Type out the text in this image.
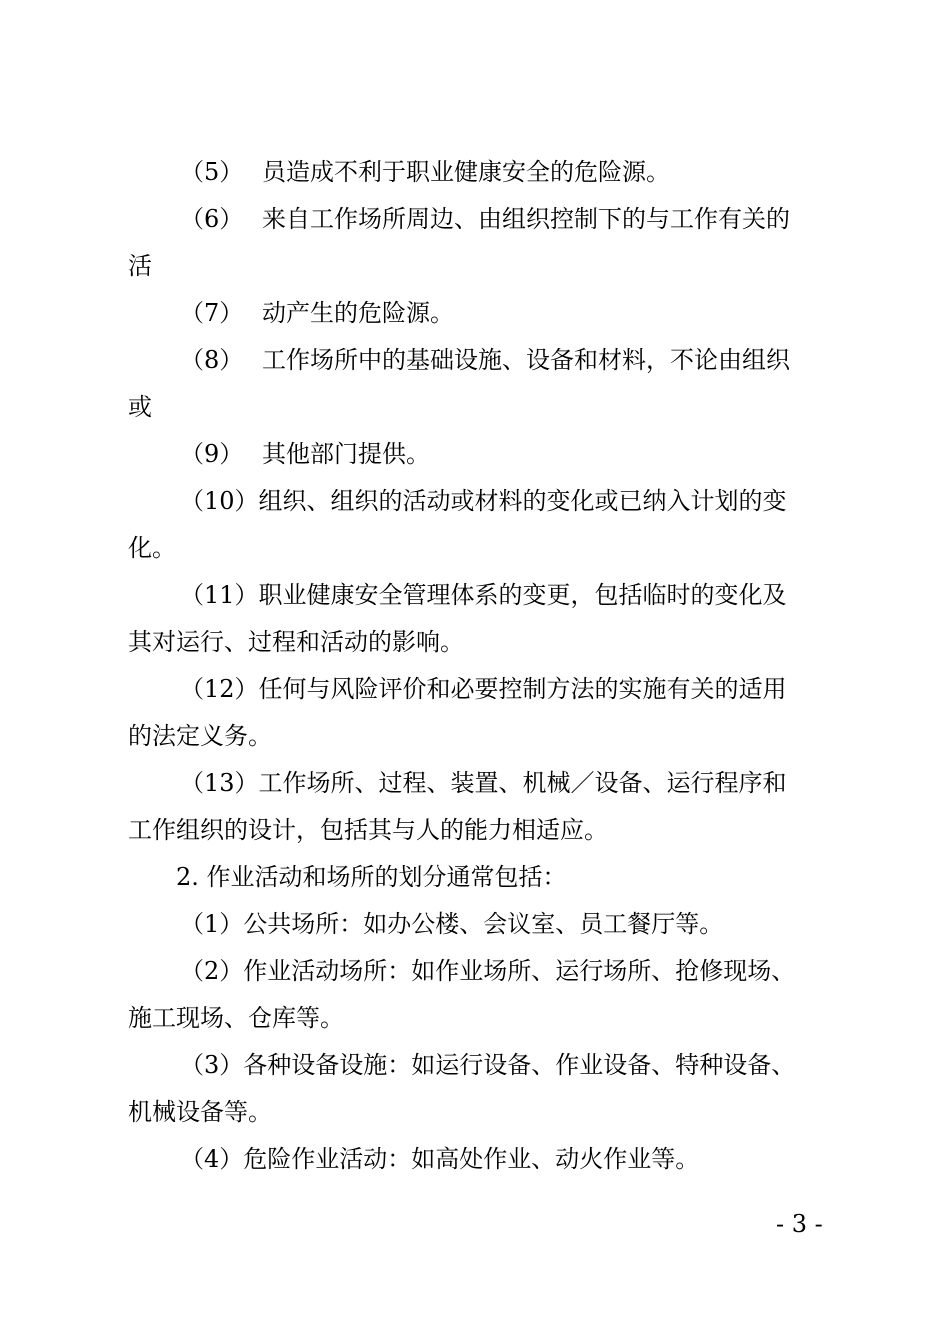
（5） 员造成不利于职业健康安全的危险源。
（6） 来自工作场所周边、由组织控制下的与工作有关的
活
（7） 动产生的危险源。
（8） 工作场所中的基础设施、设备和材料，不论由组织
或
（9） 其他部门提供。
（10）组织、组织的活动或材料的变化或已纳入计划的变
化。
（11）职业健康安全管理体系的变更，包括临时的变化及
其对运行、过程和活动的影响。
（12）任何与风险评价和必要控制方法的实施有关的适用
的法定义务。
（13）工作场所、过程、装置、机械／设备、运行程序和
工作组织的设计，包括其与人的能力相适应。
2. 作业活动和场所的划分通常包括：
（1）公共场所：如办公楼、会议室、员工餐厅等。
（2）作业活动场所：如作业场所、运行场所、抢修现场、
施工现场、仓库等。
（3）各种设备设施：如运行设备、作业设备、特种设备、
机械设备等。
（4）危险作业活动：如高处作业、动火作业等。
- 3 -
